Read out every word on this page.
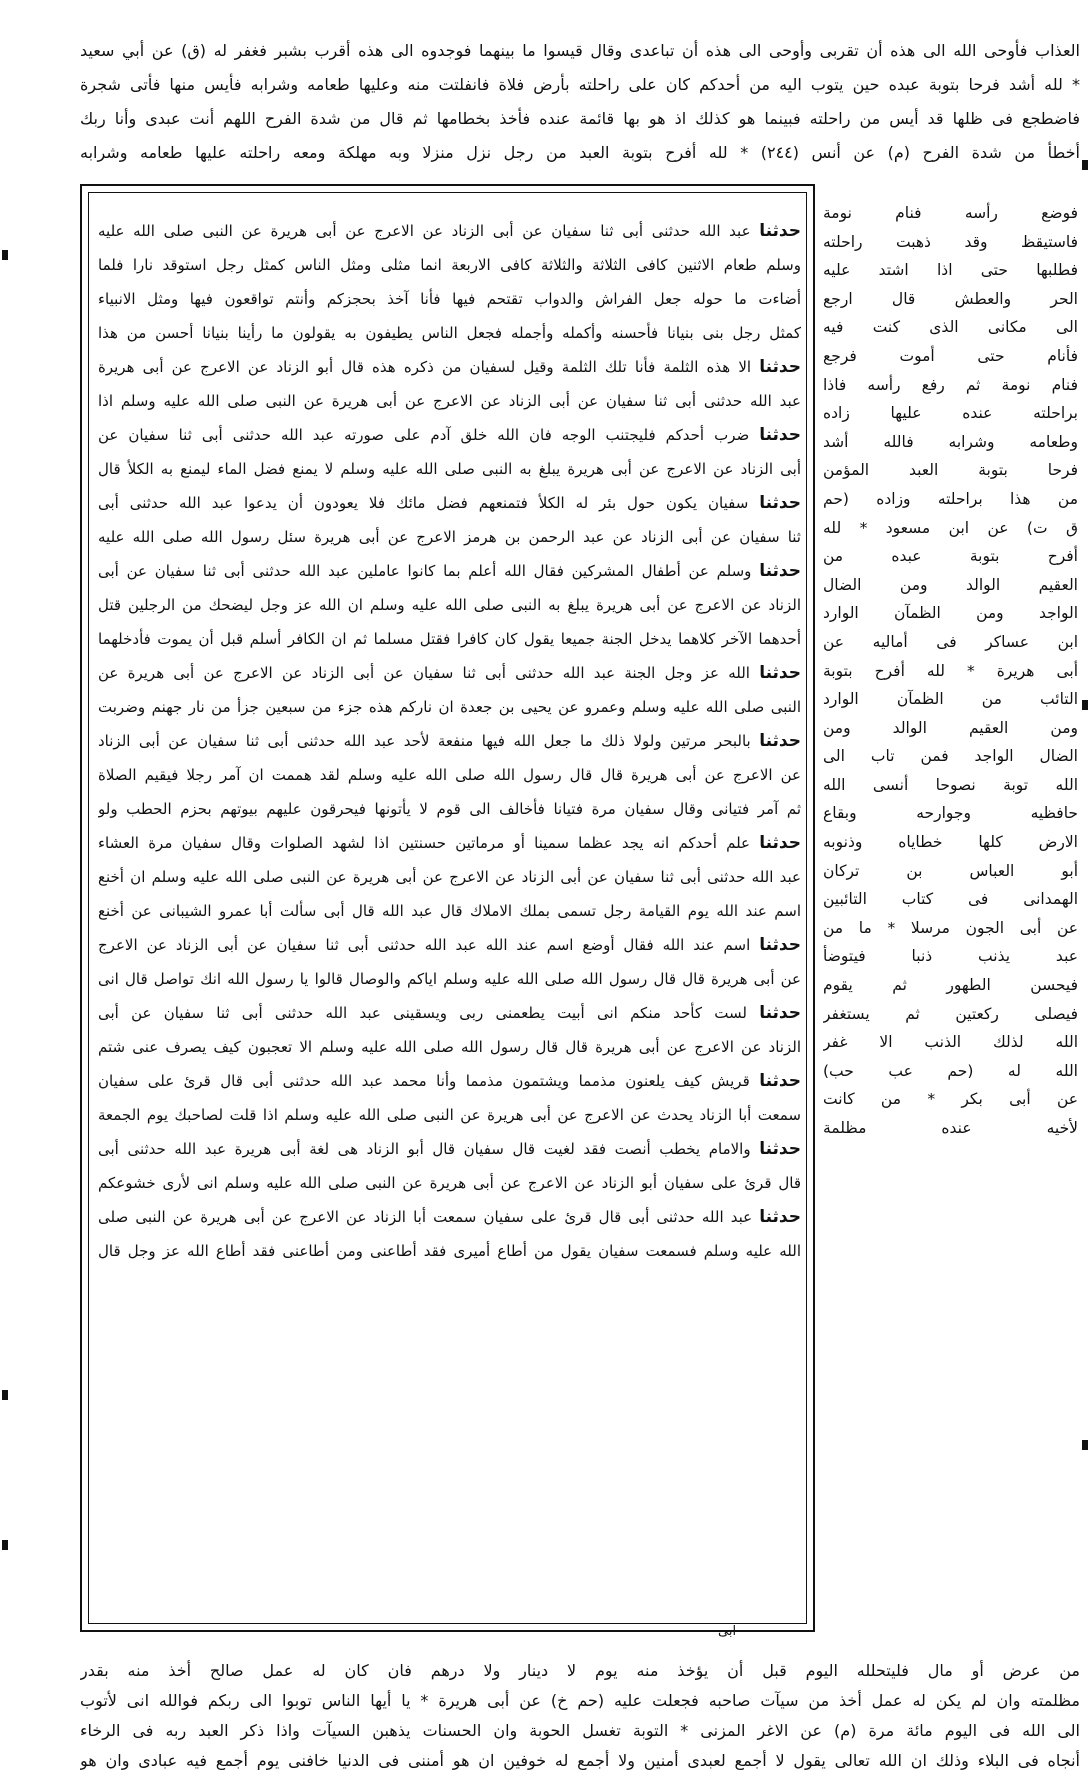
العذاب فأوحى الله الى هذه أن تقربى وأوحى الى هذه أن تباعدى وقال قيسوا ما بينهما فوجدوه الى هذه أقرب بشبر فغفر له (ق) عن أبي سعيد
* لله أشد فرحا بتوبة عبده حين يتوب اليه من أحدكم كان على راحلته بأرض فلاة فانفلتت منه وعليها طعامه وشرابه فأيس منها فأتى شجرة
فاضطجع فى ظلها قد أيس من راحلته فبينما هو كذلك اذ هو بها قائمة عنده فأخذ بخطامها ثم قال من شدة الفرح اللهم أنت عبدى وأنا ربك
أخطأ من شدة الفرح (م) عن أنس (٢٤٤) * لله أفرح بتوبة العبد من رجل نزل منزلا وبه مهلكة ومعه راحلته عليها طعامه وشرابه
فوضع رأسه فنام نومة
فاستيقظ وقد ذهبت راحلته
فطلبها حتى اذا اشتد عليه
الحر والعطش قال ارجع
الى مكانى الذى كنت فيه
فأنام حتى أموت فرجع
فنام نومة ثم رفع رأسه فاذا
براحلته عنده عليها زاده
وطعامه وشرابه فالله أشد
فرحا بتوبة العبد المؤمن
من هذا براحلته وزاده (حم
ق ت) عن ابن مسعود * لله
أفرح بتوبة عبده من
العقيم الوالد ومن الضال
الواجد ومن الظمآن الوارد
ابن عساكر فى أماليه عن
أبى هريرة * لله أفرح بتوبة
التائب من الظمآن الوارد
ومن العقيم الوالد ومن
الضال الواجد فمن تاب الى
الله توبة نصوحا أنسى الله
حافظيه وجوارحه وبقاع
الارض كلها خطاياه وذنوبه
أبو العباس بن تركان
الهمدانى فى كتاب التائبين
عن أبى الجون مرسلا * ما من
عبد يذنب ذنبا فيتوضأ
فيحسن الطهور ثم يقوم
فيصلى ركعتين ثم يستغفر
الله لذلك الذنب الا غفر
الله له (حم عب حب)
عن أبى بكر * من كانت
لأخيه عنده مظلمة
حدثنا عبد الله حدثنى أبى ثنا سفيان عن أبى الزناد عن الاعرج عن أبى هريرة عن النبى صلى الله عليه
وسلم طعام الاثنين كافى الثلاثة والثلاثة كافى الاربعة انما مثلى ومثل الناس كمثل رجل استوقد نارا فلما
أضاءت ما حوله جعل الفراش والدواب تقتحم فيها فأنا آخذ بحجزكم وأنتم تواقعون فيها ومثل الانبياء
كمثل رجل بنى بنيانا فأحسنه وأكمله وأجمله فجعل الناس يطيفون به يقولون ما رأينا بنيانا أحسن من هذا
حدثنا الا هذه الثلمة فأنا تلك الثلمة وقيل لسفيان من ذكره هذه قال أبو الزناد عن الاعرج عن أبى هريرة
عبد الله حدثنى أبى ثنا سفيان عن أبى الزناد عن الاعرج عن أبى هريرة عن النبى صلى الله عليه وسلم اذا
حدثنا ضرب أحدكم فليجتنب الوجه فان الله خلق آدم على صورته عبد الله حدثنى أبى ثنا سفيان عن
أبى الزناد عن الاعرج عن أبى هريرة يبلغ به النبى صلى الله عليه وسلم لا يمنع فضل الماء ليمنع به الكلأ قال
حدثنا سفيان يكون حول بئر له الكلأ فتمنعهم فضل مائك فلا يعودون أن يدعوا عبد الله حدثنى أبى
ثنا سفيان عن أبى الزناد عن عبد الرحمن بن هرمز الاعرج عن أبى هريرة سئل رسول الله صلى الله عليه
حدثنا وسلم عن أطفال المشركين فقال الله أعلم بما كانوا عاملين عبد الله حدثنى أبى ثنا سفيان عن أبى
الزناد عن الاعرج عن أبى هريرة يبلغ به النبى صلى الله عليه وسلم ان الله عز وجل ليضحك من الرجلين قتل
أحدهما الآخر كلاهما يدخل الجنة جميعا يقول كان كافرا فقتل مسلما ثم ان الكافر أسلم قبل أن يموت فأدخلهما
حدثنا الله عز وجل الجنة عبد الله حدثنى أبى ثنا سفيان عن أبى الزناد عن الاعرج عن أبى هريرة عن
النبى صلى الله عليه وسلم وعمرو عن يحيى بن جعدة ان ناركم هذه جزء من سبعين جزأ من نار جهنم وضربت
حدثنا بالبحر مرتين ولولا ذلك ما جعل الله فيها منفعة لأحد عبد الله حدثنى أبى ثنا سفيان عن أبى الزناد
عن الاعرج عن أبى هريرة قال قال رسول الله صلى الله عليه وسلم لقد هممت ان آمر رجلا فيقيم الصلاة
ثم آمر فتيانى وقال سفيان مرة فتيانا فأخالف الى قوم لا يأتونها فيحرقون عليهم بيوتهم بحزم الحطب ولو
حدثنا علم أحدكم انه يجد عظما سمينا أو مرماتين حسنتين اذا لشهد الصلوات وقال سفيان مرة العشاء
عبد الله حدثنى أبى ثنا سفيان عن أبى الزناد عن الاعرج عن أبى هريرة عن النبى صلى الله عليه وسلم ان أخنع
اسم عند الله يوم القيامة رجل تسمى بملك الاملاك قال عبد الله قال أبى سألت أبا عمرو الشيبانى عن أخنع
حدثنا اسم عند الله فقال أوضع اسم عند الله عبد الله حدثنى أبى ثنا سفيان عن أبى الزناد عن الاعرج
عن أبى هريرة قال قال رسول الله صلى الله عليه وسلم اياكم والوصال قالوا يا رسول الله انك تواصل قال انى
حدثنا لست كأحد منكم انى أبيت يطعمنى ربى ويسقينى عبد الله حدثنى أبى ثنا سفيان عن أبى
الزناد عن الاعرج عن أبى هريرة قال قال رسول الله صلى الله عليه وسلم الا تعجبون كيف يصرف عنى شتم
حدثنا قريش كيف يلعنون مذمما ويشتمون مذمما وأنا محمد عبد الله حدثنى أبى قال قرئ على سفيان
سمعت أبا الزناد يحدث عن الاعرج عن أبى هريرة عن النبى صلى الله عليه وسلم اذا قلت لصاحبك يوم الجمعة
حدثنا والامام يخطب أنصت فقد لغيت قال سفيان قال أبو الزناد هى لغة أبى هريرة عبد الله حدثنى أبى
قال قرئ على سفيان أبو الزناد عن الاعرج عن أبى هريرة عن النبى صلى الله عليه وسلم انى لأرى خشوعكم
حدثنا عبد الله حدثنى أبى قال قرئ على سفيان سمعت أبا الزناد عن الاعرج عن أبى هريرة عن النبى صلى
الله عليه وسلم فسمعت سفيان يقول من أطاع أميرى فقد أطاعنى ومن أطاعنى فقد أطاع الله عز وجل قال
من عرض أو مال فليتحلله اليوم قبل أن يؤخذ منه يوم لا دينار ولا درهم فان كان له عمل صالح أخذ منه بقدر
مظلمته وان لم يكن له عمل أخذ من سيآت صاحبه فجعلت عليه (حم خ) عن أبى هريرة * يا أيها الناس توبوا الى ربكم فوالله انى لأتوب
الى الله فى اليوم مائة مرة (م) عن الاغر المزنى * التوبة تغسل الحوبة وان الحسنات يذهبن السيآت واذا ذكر العبد ربه فى الرخاء
أنجاه فى البلاء وذلك ان الله تعالى يقول لا أجمع لعبدى أمنين ولا أجمع له خوفين ان هو أمننى فى الدنيا خافنى يوم أجمع فيه عبادى وان هو
ابى
